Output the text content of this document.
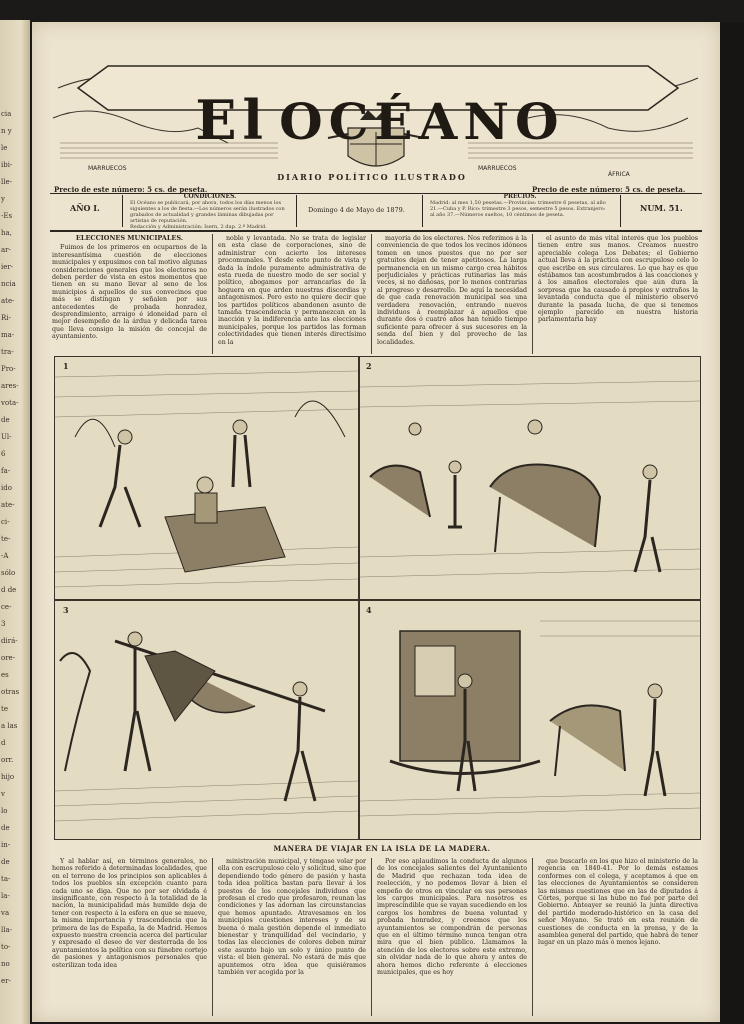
cia
n y
le
ibi-
lle-
y
-Es
ha,
ar-
ier-
ncia
ate-
Ri-
ma-
tra-
Pro-
ares-
vota-
de
Ul-
6
fa-
ido
ate-
ci-
te-
-A
sólo
d de
ce-
3
dirá-
ore-
es
otras
te
a las
d
orr.
hijo
v
lo
de
in-
de
ta-
la-
va
lla-
to-
no
er-
MARRUECOS
ÁFRICA
MARRUECOS
El OCÉANO
DIARIO POLÍTICO ILUSTRADO
Precio de este número: 5 cs. de peseta.	Precio de este número: 5 cs. de peseta.
AÑO I.
CONDICIONES.
El Océano se publicará, por ahora, todos los días menos los siguientes a los de fiesta.—Los números serán ilustrados con grabados de actualidad y grandes láminas dibujadas por artistas de reputación.
Redacción y Administración: Isern, 2 dup. 2.º Madrid.
Domingo 4 de Mayo de 1879.
PRECIOS.
Madrid: al mes 1,50 pesetas.—Provincias: trimestre 6 pesetas, al año 21.—Cuba y P. Rico: trimestre 3 pesos, semestre 5 pesos. Extranjero: al año 37.—Números sueltos, 10 céntimos de peseta.
NUM. 51.

ELECCIONES MUNICIPALES.

Fuimos de los primeros en ocuparnos de la interesantísima cuestión de elecciones municipales y expusimos con tal motivo algunas consideraciones generales que los electores no deben perder de vista en estos momentos que tienen en su mano llevar al seno de los municipios á aquellos de sus convecinos que más se distingan y señalen por sus antecedentes de probada honradez, desprendimiento, arraigo é idoneidad para el mejor desempeño de la árdua y delicada tarea que lleva consigo la misión de concejal de ayuntamiento.

noble y levantada. No se trata de legislar en esta clase de corporaciones, sino de administrar con acierto los intereses procomunales. Y desde este punto de vista y dada la índole puramente administrativa de esta rueda de nuestro modo de ser social y político, abogamos por arrancarlas de la hoguera en que arden nuestras discordias y antagonismos. Pero esto no quiere decir que los partidos políticos abandonen asunto de tamaña trascendencia y permanezcan en la inacción y la indiferencia ante las elecciones municipales, porque los partidos las forman colectividades que tienen interés directísimo en la

mayoría de los electores. Nos referimos á la conveniencia de que todos los vecinos idóneos tomen en unos puestos que no por ser gratuitos dejan de tener apetitosos. La larga permanencia en un mismo cargo crea hábitos perjudiciales y prácticas rutinarias las más veces, si no dañosas, por lo menos contrarias al progreso y desarrollo. De aquí la necesidad de que cada renovación municipal sea una verdadera renovación, entrando nuevos individuos á reemplazar á aquellos que durante dos ó cuatro años han tenido tiempo suficiente para ofrecer á sus sucesores en la senda del bien y del provecho de las localidades.

el asunto de más vital interés que los pueblos tienen entre sus manos. Creamos nuestro apreciable colega Los Debates; el Gobierno actual lleva á la práctica con escrupuloso celo lo que escribe en sus circulares. Lo que hay es que estábamos tan acostumbrados á las coacciones y á los amaños electorales que aún dura la sorpresa que ha causado á propios y extraños la levantada conducta que el ministerio observó durante la pasada lucha, de que si tenemos ejemplo parecido en nuestra historia parlamentaria hay

1	2
3	4
MANERA DE VIAJAR EN LA ISLA DE LA MADERA.

Y al hablar así, en términos generales, no hemos referido á determinadas localidades, que en el terreno de los principios son aplicables á todos los pueblos sin excepción cuanto para cada uno se diga. Que no por ser olvidada é insignificante, con respecto á la totalidad de la nación, la municipalidad más humilde deja de tener con respecto á la esfera en que se mueve, la misma importancia y trascendencia que la primera de las de España, la de Madrid. Hemos expuesto nuestra creencia acerca del particular y expresado el deseo de ver desterrada de los ayuntamientos la política con su fúnebre cortejo de pasiones y antagonismos personales que esterilizan toda idea

ministración municipal, y téngase volar por ella con escrupuloso celo y solicitud, sino que dependiendo todo género de pasión y hasta toda idea política bastan para llevar á los puestos de los concejales individuos que profesan el credo que profesaron, reunan las condiciones y las adornan las circunstancias que hemos apuntado. Atravesamos en los municipios cuestiones intereses y de su buena ó mala gestión depende el inmediato bienestar y tranquilidad del vecindario, y todas las elecciones de colores deben mirar este asunto bajo un solo y único punto de vista: el bien general. No estará de más que apuntemos otra idea que quisiéramos también ver acogida por la

Por eso aplaudimos la conducta de algunos de los concejales salientes del Ayuntamiento de Madrid que rechazan toda idea de reelección, y no podemos llevar á bien el empeño de otros en vincular en sus personas los cargos municipales. Para nosotros es imprescindible que se vayan sucediendo en los cargos los hombres de buena voluntad y probada honradez, y creemos que los ayuntamientos se compondrán de personas que en el último término nunca tengan otra mira que el bien público. Llamamos la atención de los electores sobre este extremo, sin olvidar nada de lo que ahora y antes de ahora hemos dicho referente á elecciones municipales, que es hoy

que buscarlo en los que hizo el ministerio de la regencia en 1840-41. Por lo demás estamos conformes con el colega, y aceptamos á que en las elecciones de Ayuntamientos se consideren las mismas cuestiones que en las de diputados á Córtes, porque si las hubo no fué por parte del Gobierno. Anteayer se reunió la junta directiva del partido moderado-histórico en la casa del señor Moyano. Se trató en esta reunión de cuestiones de conducta en la prensa, y de la asamblea general del partido, que habrá de tener lugar en un plazo más ó menos lejano.
